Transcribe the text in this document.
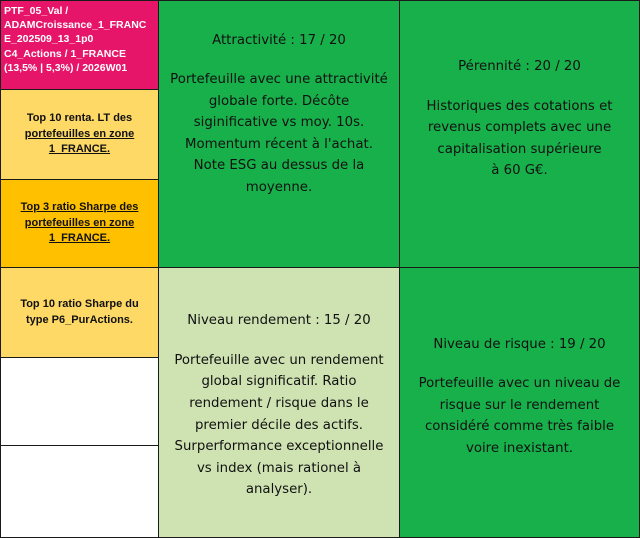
PTF_05_Val /
ADAMCroissance_1_FRANC
E_202509_13_1p0
C4_Actions / 1_FRANCE
(13,5% | 5,3%) / 2026W01
Top 10 renta. LT des
portefeuilles en zone
1_FRANCE.
Top 3 ratio Sharpe des
portefeuilles en zone
1_FRANCE.
Top 10 ratio Sharpe du
type P6_PurActions.
Attractivité : 17 / 20
Portefeuille avec une attractivité
globale forte. Décôte
siginificative vs moy. 10s.
Momentum récent à l'achat.
Note ESG au dessus de la
moyenne.
Pérennité : 20 / 20
Historiques des cotations et
revenus complets avec une
capitalisation supérieure
à 60 G€.
Niveau rendement : 15 / 20
Portefeuille avec un rendement
global significatif. Ratio
rendement / risque dans le
premier décile des actifs.
Surperformance exceptionnelle
vs index (mais rationel à
analyser).
Niveau de risque : 19 / 20
Portefeuille avec un niveau de
risque sur le rendement
considéré comme très faible
voire inexistant.
